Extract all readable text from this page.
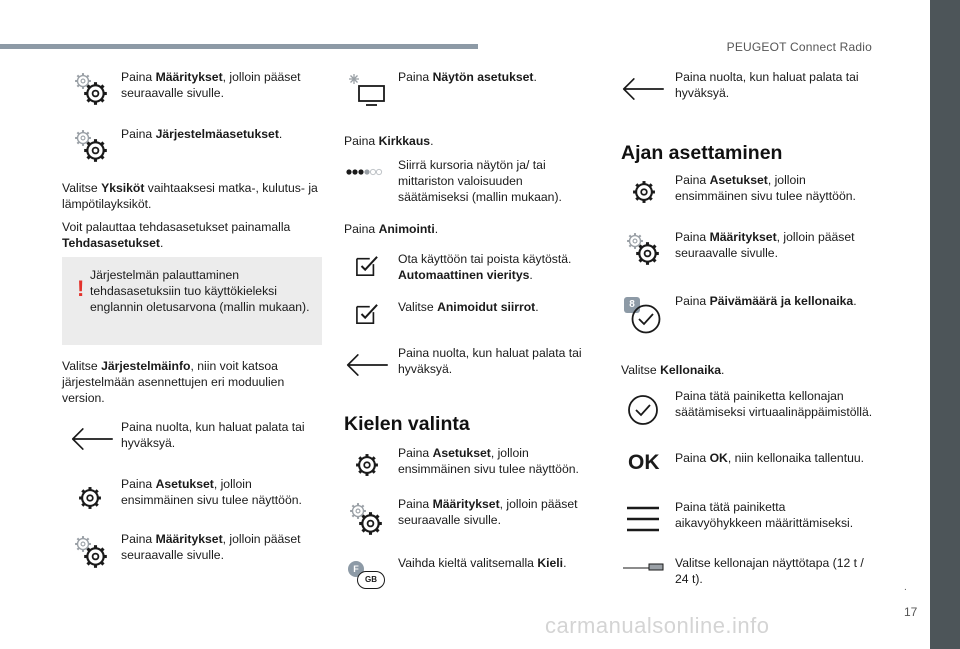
PEUGEOT Connect Radio
Paina Määritykset, jolloin pääset seuraavalle sivulle.
Paina Järjestelmäasetukset.
Valitse Yksiköt vaihtaaksesi matka-, kulutus- ja lämpötilayksiköt.
Voit palauttaa tehdasasetukset painamalla Tehdasasetukset.
!
Järjestelmän palauttaminen tehdasasetuksiin tuo käyttökieleksi englannin oletusarvona (mallin mukaan).
Valitse Järjestelmäinfo, niin voit katsoa järjestelmään asennettujen eri moduulien version.
Paina nuolta, kun haluat palata tai hyväksyä.
Paina Asetukset, jolloin ensimmäinen sivu tulee näyttöön.
Paina Määritykset, jolloin pääset seuraavalle sivulle.
Paina Näytön asetukset.
Paina Kirkkaus.
Siirrä kursoria näytön ja/ tai mittariston valoisuuden säätämiseksi (mallin mukaan).
Paina Animointi.
Ota käyttöön tai poista käytöstä. Automaattinen vieritys.
Valitse Animoidut siirrot.
Paina nuolta, kun haluat palata tai hyväksyä.
Kielen valinta
Paina Asetukset, jolloin ensimmäinen sivu tulee näyttöön.
Paina Määritykset, jolloin pääset seuraavalle sivulle.
F
GB
Vaihda kieltä valitsemalla Kieli.
Paina nuolta, kun haluat palata tai hyväksyä.
Ajan asettaminen
Paina Asetukset, jolloin ensimmäinen sivu tulee näyttöön.
Paina Määritykset, jolloin pääset seuraavalle sivulle.
8	Paina Päivämäärä ja kellonaika.
Valitse Kellonaika.
Paina tätä painiketta kellonajan säätämiseksi virtuaalinäppäimistöllä.
OK Paina OK, niin kellonaika tallentuu.
Paina tätä painiketta aikavyöhykkeen määrittämiseksi.
Valitse kellonajan näyttötapa (12 t / 24 t).
.
17
carmanualsonline.info
